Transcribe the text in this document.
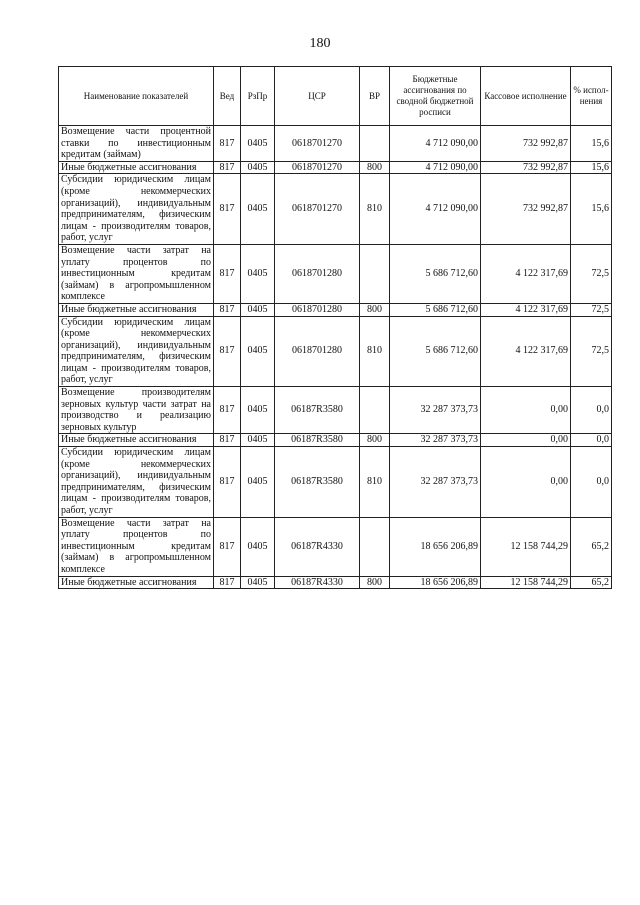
180
Наименование показателей	Вед	РзПр	ЦСР	ВР	Бюджетные ассигнования по сводной бюджетной росписи	Кассовое исполнение	% испол-нения
Возмещение части процентной ставки по инвестиционным кредитам (займам)	817	0405	0618701270		4 712 090,00	732 992,87	15,6
Иные бюджетные ассигнования	817	0405	0618701270	800	4 712 090,00	732 992,87	15,6
Субсидии юридическим лицам (кроме некоммерческих организаций), индивидуальным предпринимателям, физическим лицам - производителям товаров, работ, услуг	817	0405	0618701270	810	4 712 090,00	732 992,87	15,6
Возмещение части затрат на уплату процентов по инвестиционным кредитам (займам) в агропромышленном комплексе	817	0405	0618701280		5 686 712,60	4 122 317,69	72,5
Иные бюджетные ассигнования	817	0405	0618701280	800	5 686 712,60	4 122 317,69	72,5
Субсидии юридическим лицам (кроме некоммерческих организаций), индивидуальным предпринимателям, физическим лицам - производителям товаров, работ, услуг	817	0405	0618701280	810	5 686 712,60	4 122 317,69	72,5
Возмещение производителям зерновых культур части затрат на производство и реализацию зерновых культур	817	0405	06187R3580		32 287 373,73	0,00	0,0
Иные бюджетные ассигнования	817	0405	06187R3580	800	32 287 373,73	0,00	0,0
Субсидии юридическим лицам (кроме некоммерческих организаций), индивидуальным предпринимателям, физическим лицам - производителям товаров, работ, услуг	817	0405	06187R3580	810	32 287 373,73	0,00	0,0
Возмещение части затрат на уплату процентов по инвестиционным кредитам (займам) в агропромышленном комплексе	817	0405	06187R4330		18 656 206,89	12 158 744,29	65,2
Иные бюджетные ассигнования	817	0405	06187R4330	800	18 656 206,89	12 158 744,29	65,2
